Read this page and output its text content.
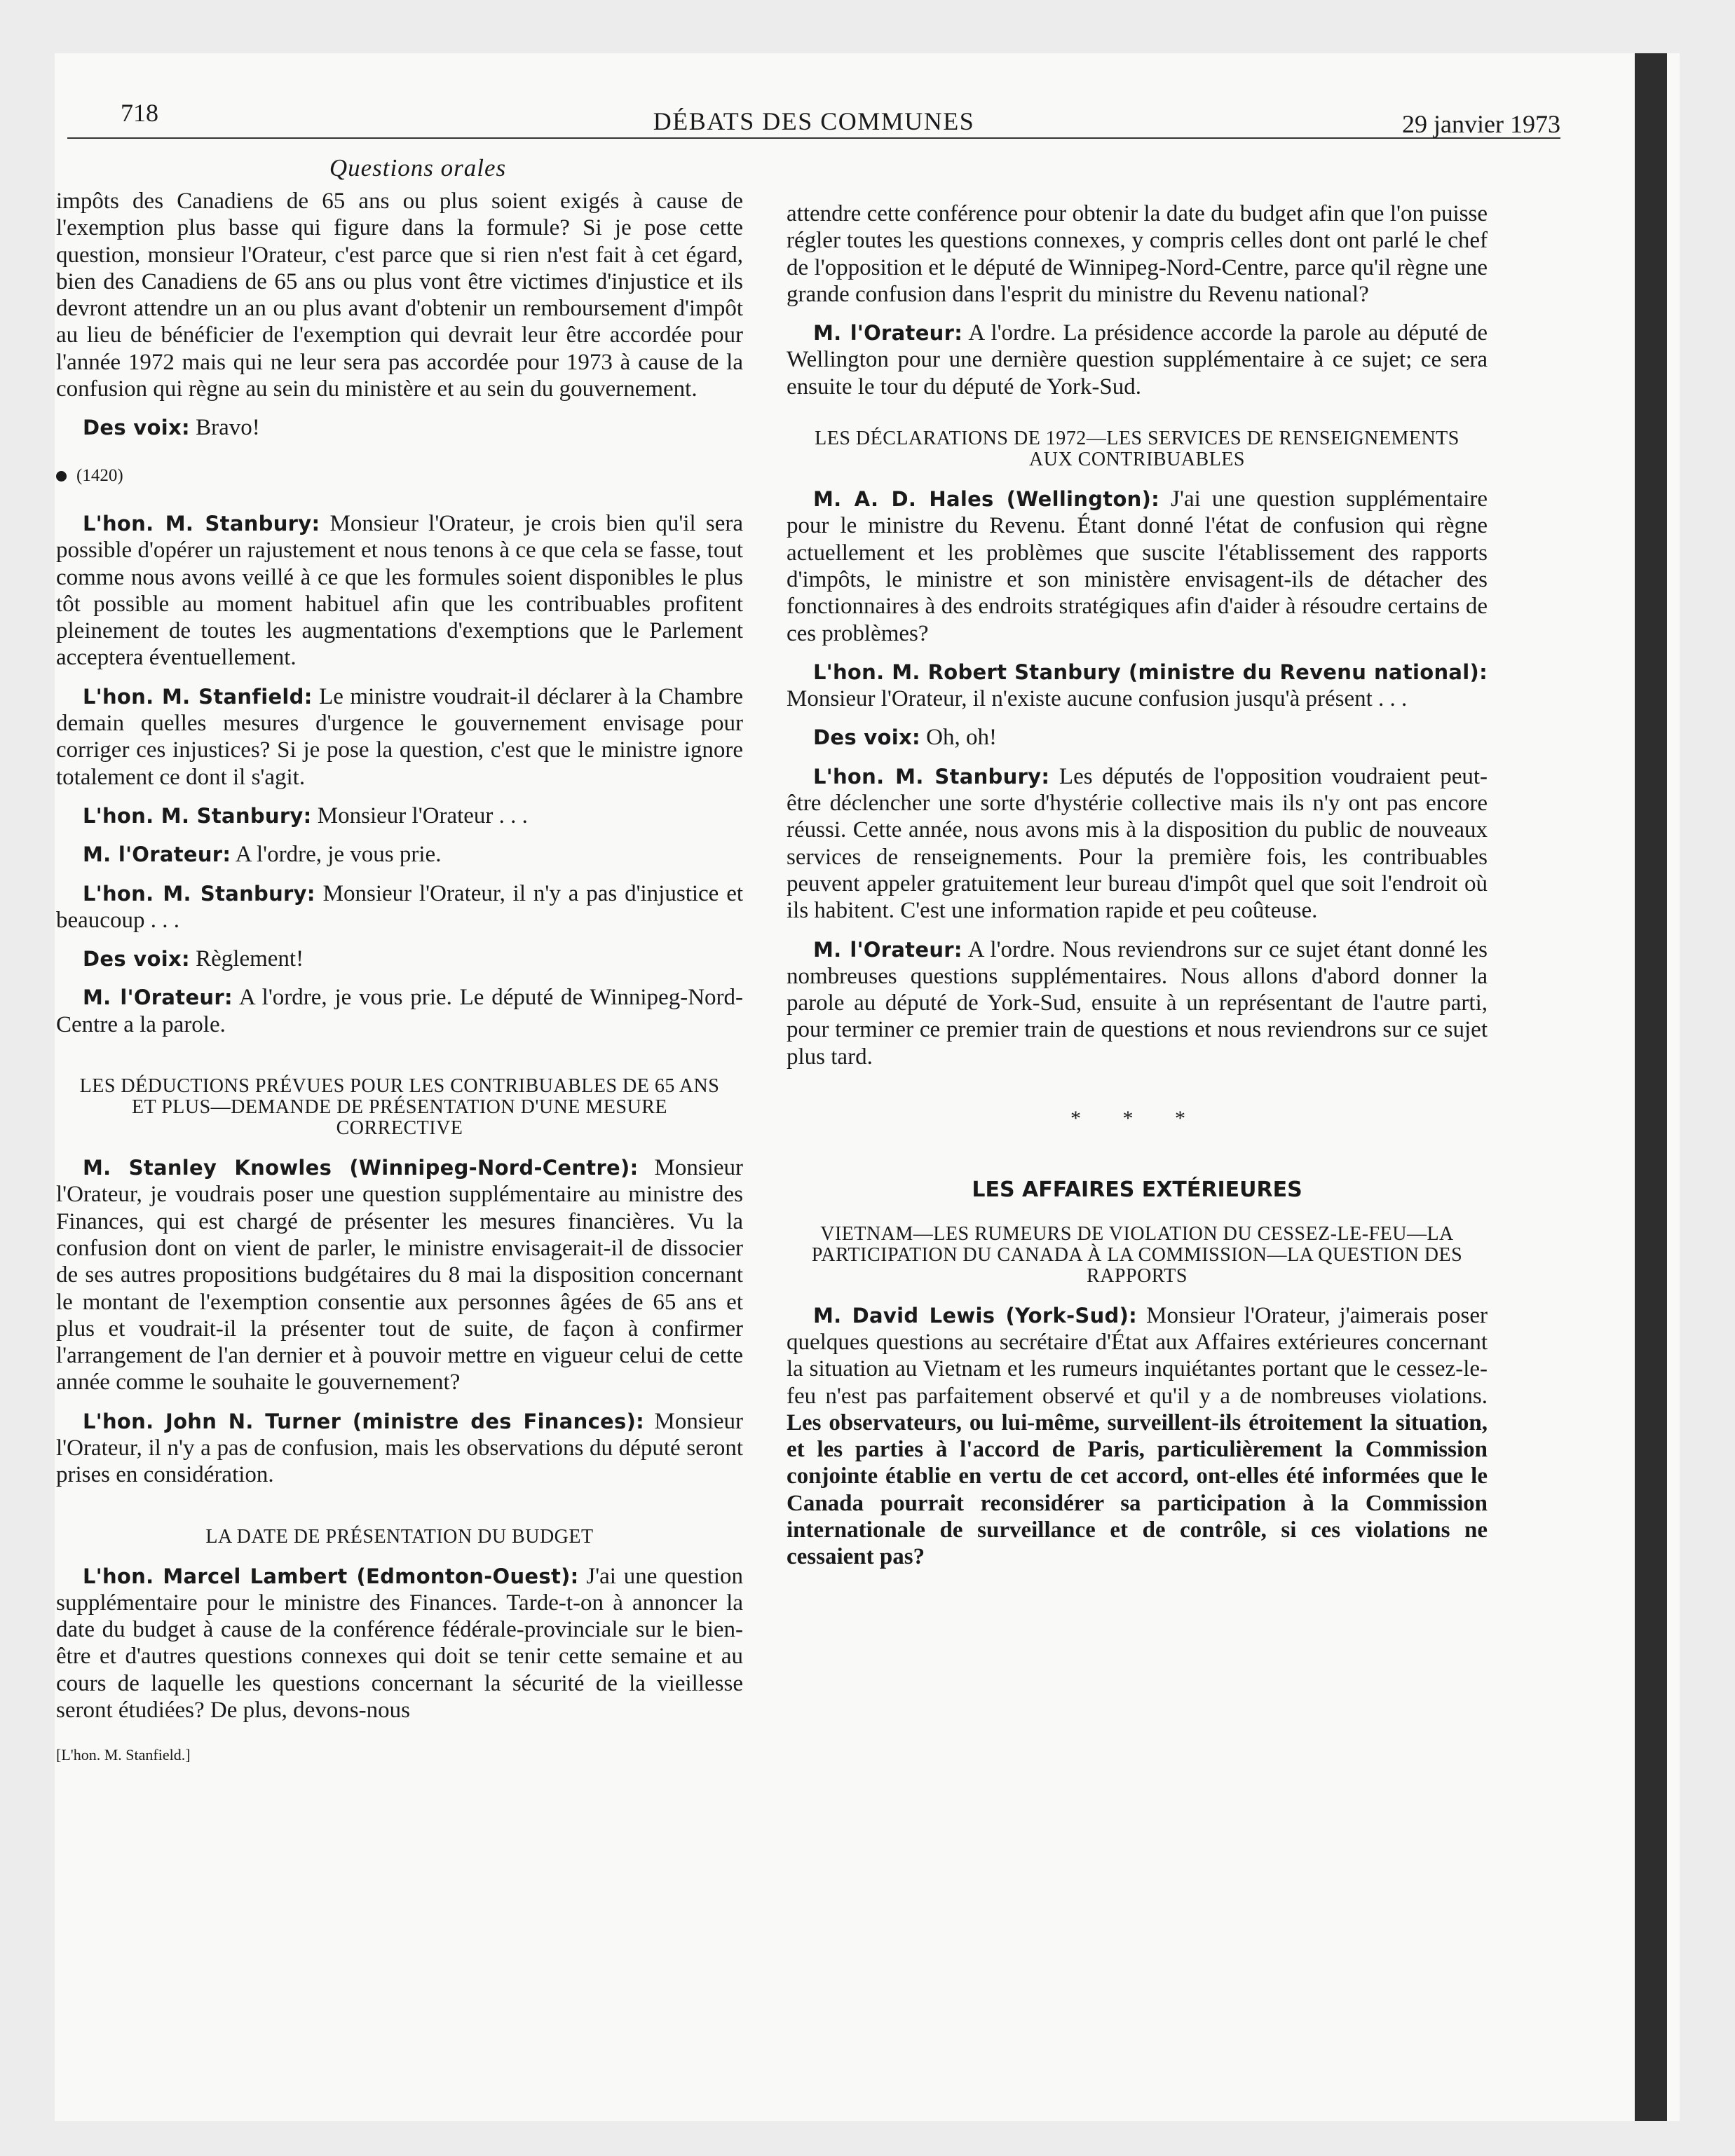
718	DÉBATS DES COMMUNES	29 janvier 1973
Questions orales

impôts des Canadiens de 65 ans ou plus soient exigés à cause de l'exemption plus basse qui figure dans la formule? Si je pose cette question, monsieur l'Orateur, c'est parce que si rien n'est fait à cet égard, bien des Canadiens de 65 ans ou plus vont être victimes d'injustice et ils devront attendre un an ou plus avant d'obtenir un remboursement d'impôt au lieu de bénéficier de l'exemption qui devrait leur être accordée pour l'année 1972 mais qui ne leur sera pas accordée pour 1973 à cause de la confusion qui règne au sein du ministère et au sein du gouvernement.

Des voix: Bravo!

(1420)

L'hon. M. Stanbury: Monsieur l'Orateur, je crois bien qu'il sera possible d'opérer un rajustement et nous tenons à ce que cela se fasse, tout comme nous avons veillé à ce que les formules soient disponibles le plus tôt possible au moment habituel afin que les contribuables profitent pleinement de toutes les augmentations d'exemptions que le Parlement acceptera éventuellement.

L'hon. M. Stanfield: Le ministre voudrait-il déclarer à la Chambre demain quelles mesures d'urgence le gouvernement envisage pour corriger ces injustices? Si je pose la question, c'est que le ministre ignore totalement ce dont il s'agit.

L'hon. M. Stanbury: Monsieur l'Orateur . . .

M. l'Orateur: A l'ordre, je vous prie.

L'hon. M. Stanbury: Monsieur l'Orateur, il n'y a pas d'injustice et beaucoup . . .

Des voix: Règlement!

M. l'Orateur: A l'ordre, je vous prie. Le député de Winnipeg-Nord-Centre a la parole.

LES DÉDUCTIONS PRÉVUES POUR LES CONTRIBUABLES DE 65 ANS ET PLUS—DEMANDE DE PRÉSENTATION D'UNE MESURE CORRECTIVE

M. Stanley Knowles (Winnipeg-Nord-Centre): Monsieur l'Orateur, je voudrais poser une question supplémentaire au ministre des Finances, qui est chargé de présenter les mesures financières. Vu la confusion dont on vient de parler, le ministre envisagerait-il de dissocier de ses autres propositions budgétaires du 8 mai la disposition concernant le montant de l'exemption consentie aux personnes âgées de 65 ans et plus et voudrait-il la présenter tout de suite, de façon à confirmer l'arrangement de l'an dernier et à pouvoir mettre en vigueur celui de cette année comme le souhaite le gouvernement?

L'hon. John N. Turner (ministre des Finances): Monsieur l'Orateur, il n'y a pas de confusion, mais les observations du député seront prises en considération.

LA DATE DE PRÉSENTATION DU BUDGET

L'hon. Marcel Lambert (Edmonton-Ouest): J'ai une question supplémentaire pour le ministre des Finances. Tarde-t-on à annoncer la date du budget à cause de la conférence fédérale-provinciale sur le bien-être et d'autres questions connexes qui doit se tenir cette semaine et au cours de laquelle les questions concernant la sécurité de la vieillesse seront étudiées? De plus, devons-nous

[L'hon. M. Stanfield.]

attendre cette conférence pour obtenir la date du budget afin que l'on puisse régler toutes les questions connexes, y compris celles dont ont parlé le chef de l'opposition et le député de Winnipeg-Nord-Centre, parce qu'il règne une grande confusion dans l'esprit du ministre du Revenu national?

M. l'Orateur: A l'ordre. La présidence accorde la parole au député de Wellington pour une dernière question supplémentaire à ce sujet; ce sera ensuite le tour du député de York-Sud.

LES DÉCLARATIONS DE 1972—LES SERVICES DE RENSEIGNEMENTS AUX CONTRIBUABLES

M. A. D. Hales (Wellington): J'ai une question supplémentaire pour le ministre du Revenu. Étant donné l'état de confusion qui règne actuellement et les problèmes que suscite l'établissement des rapports d'impôts, le ministre et son ministère envisagent-ils de détacher des fonctionnaires à des endroits stratégiques afin d'aider à résoudre certains de ces problèmes?

L'hon. M. Robert Stanbury (ministre du Revenu national): Monsieur l'Orateur, il n'existe aucune confusion jusqu'à présent . . .

Des voix: Oh, oh!

L'hon. M. Stanbury: Les députés de l'opposition voudraient peut-être déclencher une sorte d'hystérie collective mais ils n'y ont pas encore réussi. Cette année, nous avons mis à la disposition du public de nouveaux services de renseignements. Pour la première fois, les contribuables peuvent appeler gratuitement leur bureau d'impôt quel que soit l'endroit où ils habitent. C'est une information rapide et peu coûteuse.

M. l'Orateur: A l'ordre. Nous reviendrons sur ce sujet étant donné les nombreuses questions supplémentaires. Nous allons d'abord donner la parole au député de York-Sud, ensuite à un représentant de l'autre parti, pour terminer ce premier train de questions et nous reviendrons sur ce sujet plus tard.

* * *

LES AFFAIRES EXTÉRIEURES

VIETNAM—LES RUMEURS DE VIOLATION DU CESSEZ-LE-FEU—LA PARTICIPATION DU CANADA À LA COMMISSION—LA QUESTION DES RAPPORTS

M. David Lewis (York-Sud): Monsieur l'Orateur, j'aimerais poser quelques questions au secrétaire d'État aux Affaires extérieures concernant la situation au Vietnam et les rumeurs inquiétantes portant que le cessez-le-feu n'est pas parfaitement observé et qu'il y a de nombreuses violations. Les observateurs, ou lui-même, surveillent-ils étroitement la situation, et les parties à l'accord de Paris, particulièrement la Commission conjointe établie en vertu de cet accord, ont-elles été informées que le Canada pourrait reconsidérer sa participation à la Commission internationale de surveillance et de contrôle, si ces violations ne cessaient pas?
